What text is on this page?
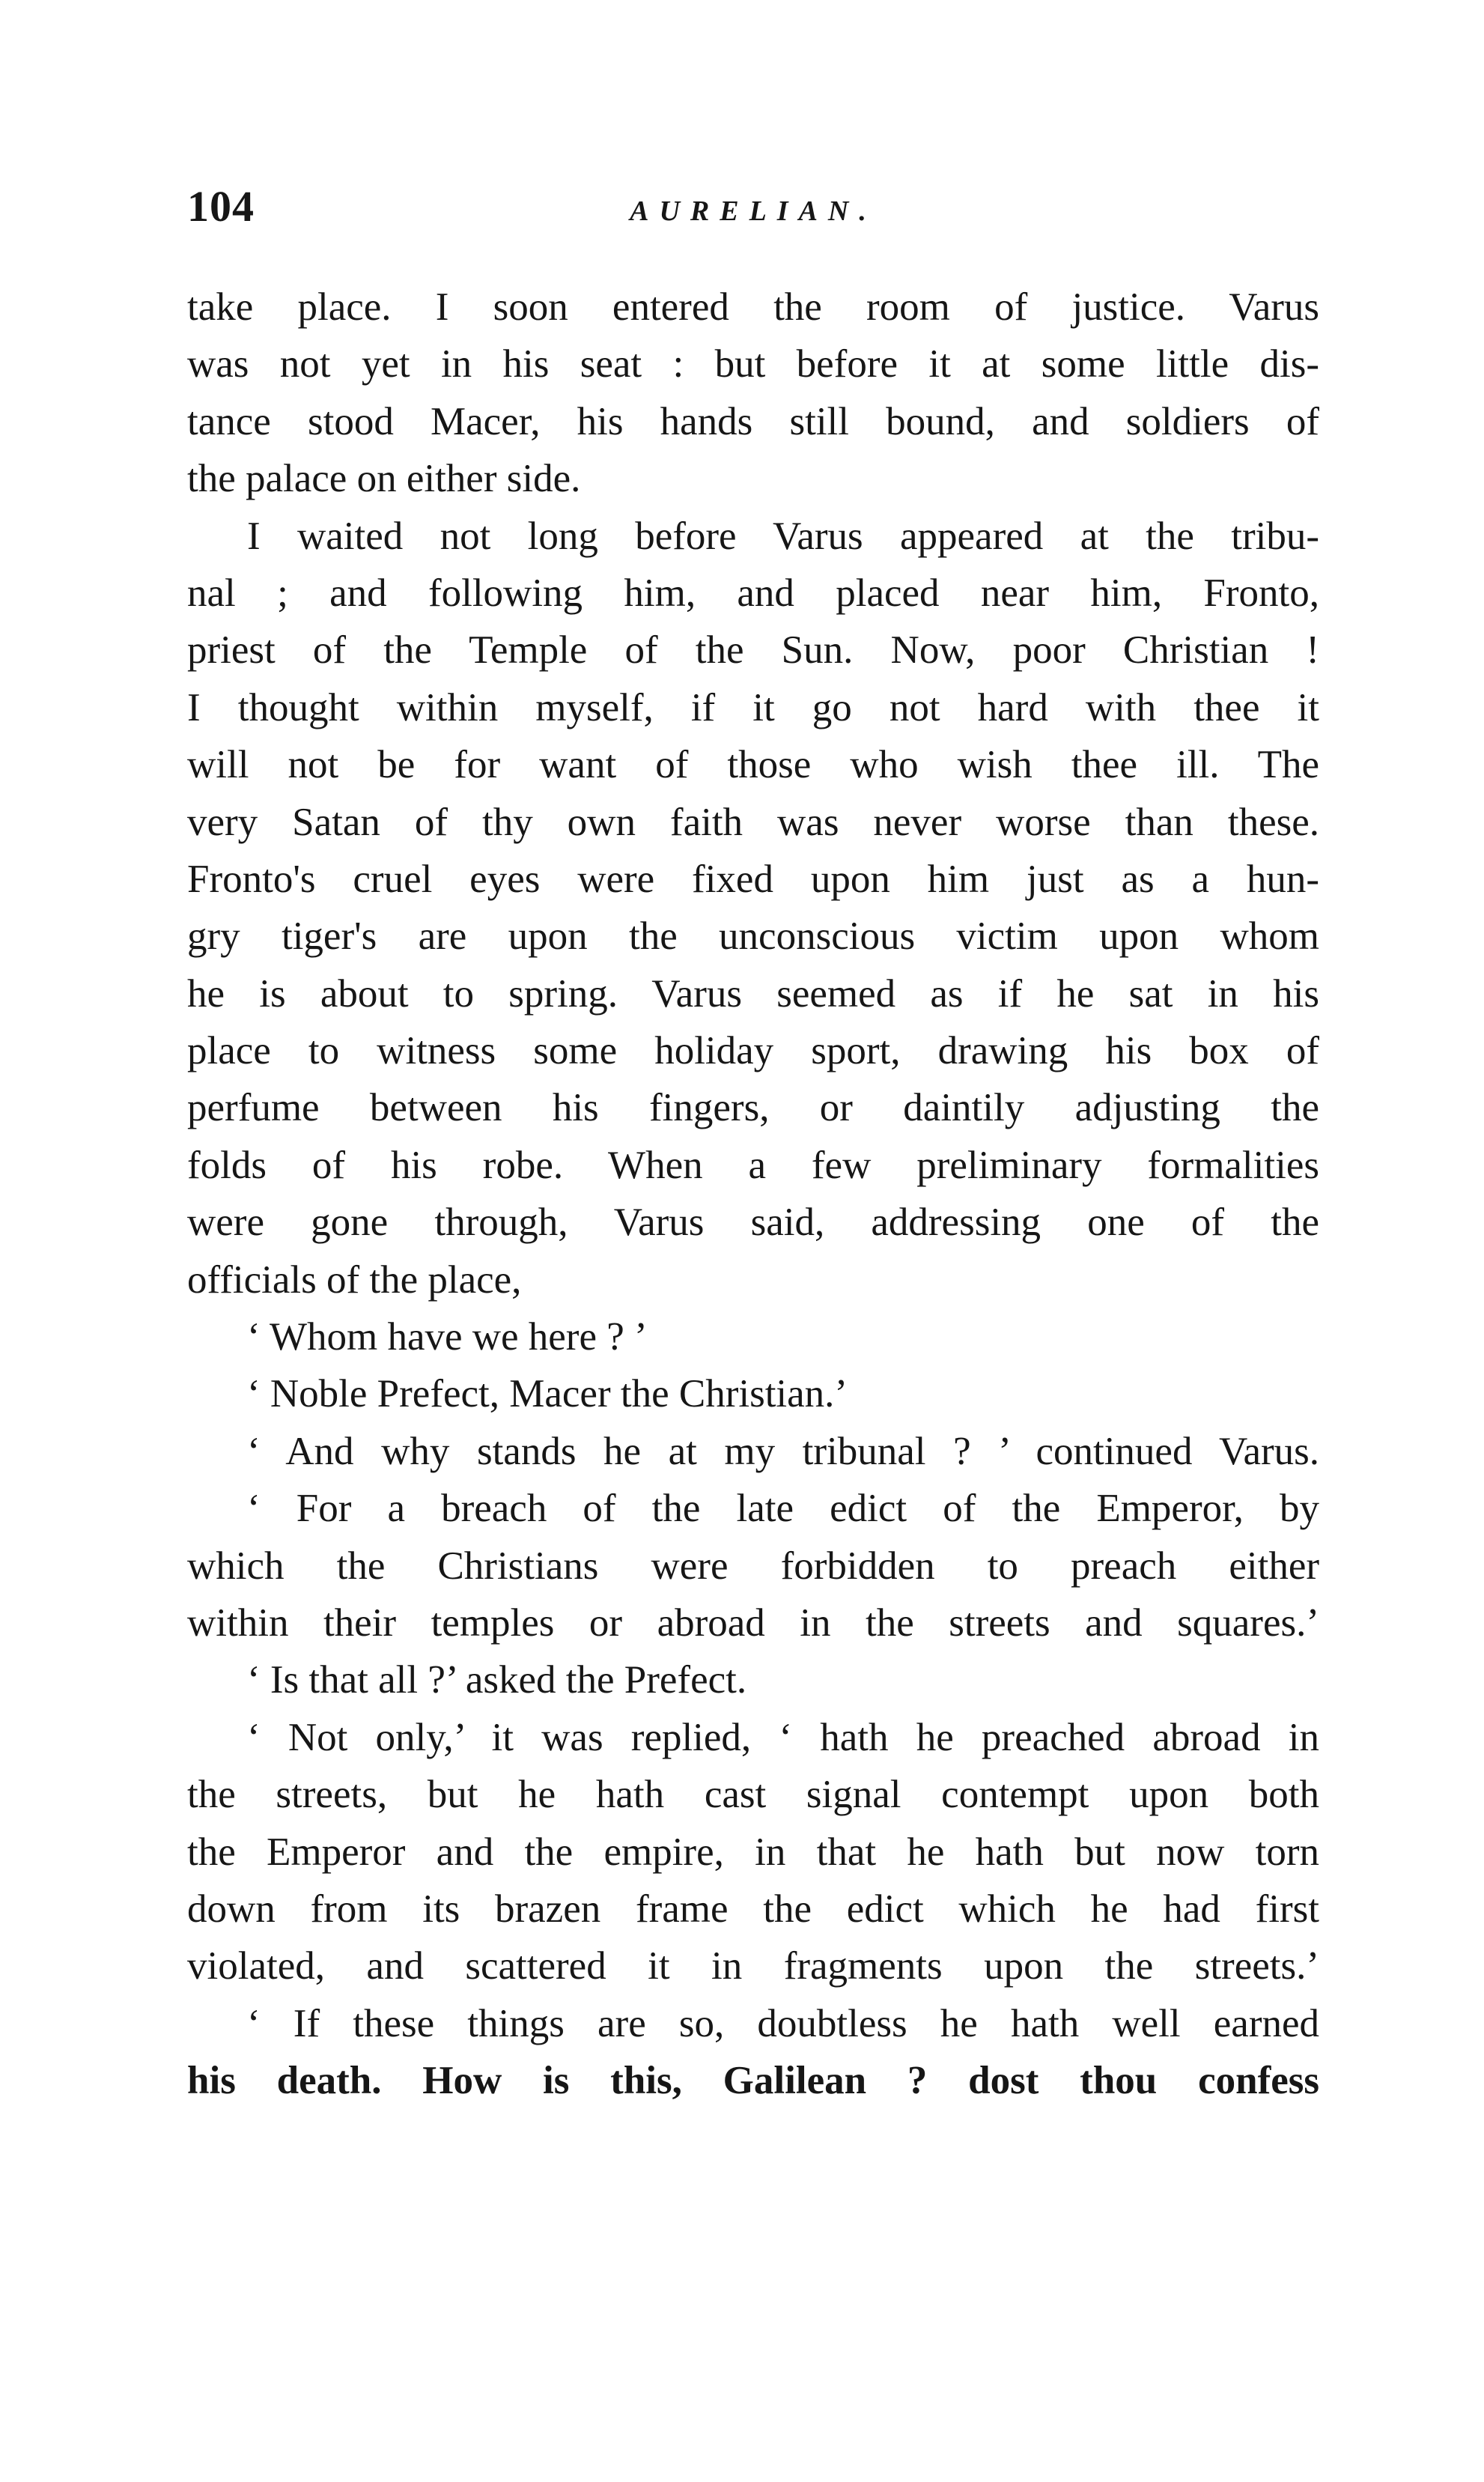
104	AURELIAN.
take place. I soon entered the room of justice. Varus
was not yet in his seat : but before it at some little dis-
tance stood Macer, his hands still bound, and soldiers of
the palace on either side.
I waited not long before Varus appeared at the tribu-
nal ; and following him, and placed near him, Fronto,
priest of the Temple of the Sun. Now, poor Christian !
I thought within myself, if it go not hard with thee it
will not be for want of those who wish thee ill. The
very Satan of thy own faith was never worse than these.
Fronto's cruel eyes were fixed upon him just as a hun-
gry tiger's are upon the unconscious victim upon whom
he is about to spring. Varus seemed as if he sat in his
place to witness some holiday sport, drawing his box of
perfume between his fingers, or daintily adjusting the
folds of his robe. When a few preliminary formalities
were gone through, Varus said, addressing one of the
officials of the place,
‘ Whom have we here ? ’
‘ Noble Prefect, Macer the Christian.’
‘ And why stands he at my tribunal ? ’ continued Varus.
‘ For a breach of the late edict of the Emperor, by
which the Christians were forbidden to preach either
within their temples or abroad in the streets and squares.’
‘ Is that all ?’ asked the Prefect.
‘ Not only,’ it was replied, ‘ hath he preached abroad in
the streets, but he hath cast signal contempt upon both
the Emperor and the empire, in that he hath but now torn
down from its brazen frame the edict which he had first
violated, and scattered it in fragments upon the streets.’
‘ If these things are so, doubtless he hath well earned
his death. How is this, Galilean ? dost thou confess
